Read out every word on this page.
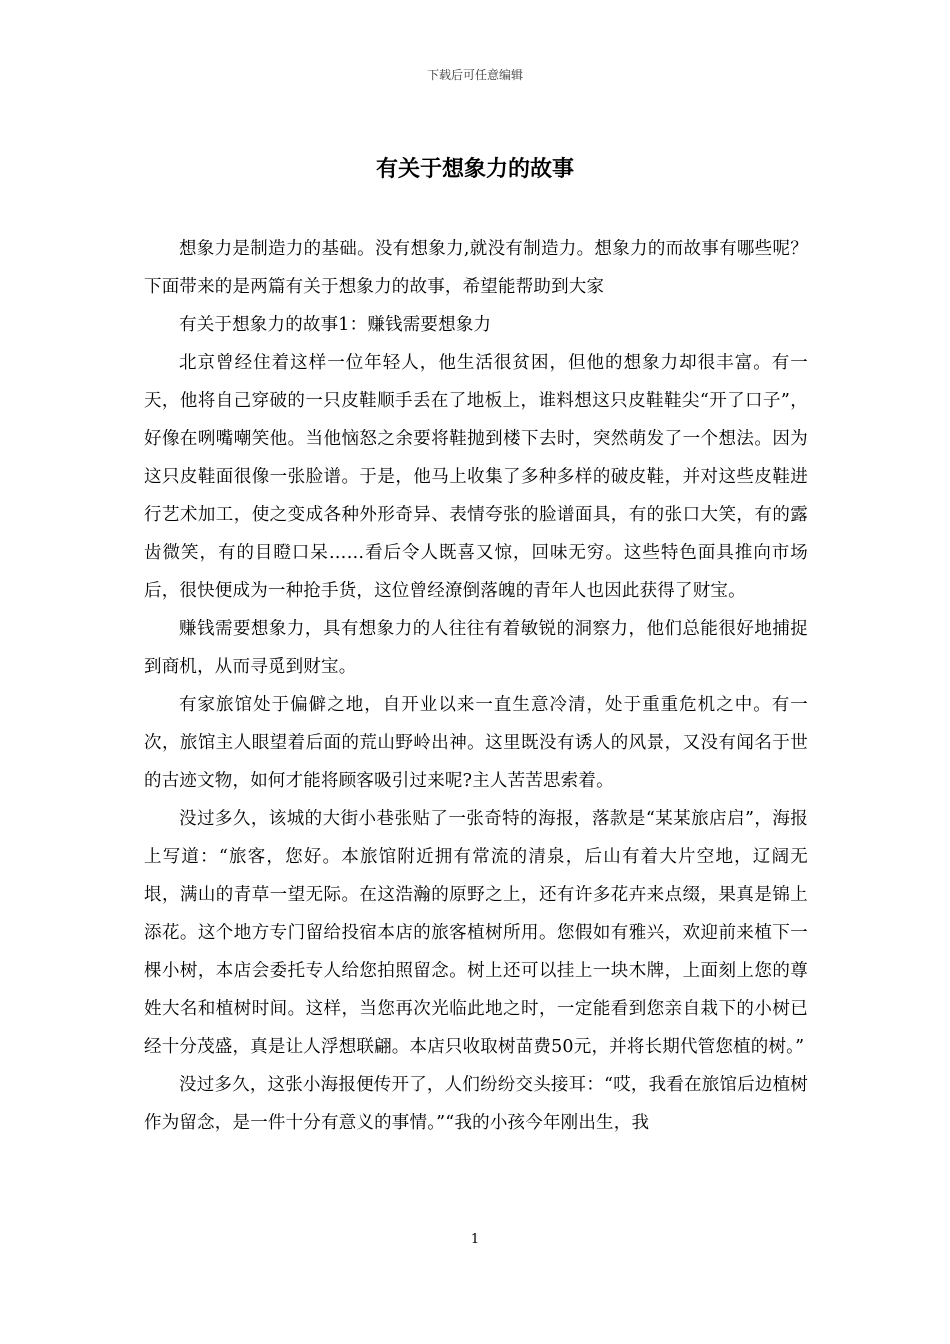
下载后可任意编辑
有关于想象力的故事

想象力是制造力的基础。没有想象力,就没有制造力。想象力的而故事有哪些呢？下面带来的是两篇有关于想象力的故事，希望能帮助到大家

有关于想象力的故事1：赚钱需要想象力

北京曾经住着这样一位年轻人，他生活很贫困，但他的想象力却很丰富。有一天，他将自己穿破的一只皮鞋顺手丢在了地板上，谁料想这只皮鞋鞋尖“开了口子”，好像在咧嘴嘲笑他。当他恼怒之余要将鞋抛到楼下去时，突然萌发了一个想法。因为这只皮鞋面很像一张脸谱。于是，他马上收集了多种多样的破皮鞋，并对这些皮鞋进行艺术加工，使之变成各种外形奇异、表情夸张的脸谱面具，有的张口大笑，有的露齿微笑，有的目瞪口呆……看后令人既喜又惊，回味无穷。这些特色面具推向市场后，很快便成为一种抢手货，这位曾经潦倒落魄的青年人也因此获得了财宝。

赚钱需要想象力，具有想象力的人往往有着敏锐的洞察力，他们总能很好地捕捉到商机，从而寻觅到财宝。

有家旅馆处于偏僻之地，自开业以来一直生意冷清，处于重重危机之中。有一次，旅馆主人眼望着后面的荒山野岭出神。这里既没有诱人的风景，又没有闻名于世的古迹文物，如何才能将顾客吸引过来呢?主人苦苦思索着。

没过多久，该城的大街小巷张贴了一张奇特的海报，落款是“某某旅店启”，海报上写道：“旅客，您好。本旅馆附近拥有常流的清泉，后山有着大片空地，辽阔无垠，满山的青草一望无际。在这浩瀚的原野之上，还有许多花卉来点缀，果真是锦上添花。这个地方专门留给投宿本店的旅客植树所用。您假如有雅兴，欢迎前来植下一棵小树，本店会委托专人给您拍照留念。树上还可以挂上一块木牌，上面刻上您的尊姓大名和植树时间。这样，当您再次光临此地之时，一定能看到您亲自栽下的小树已经十分茂盛，真是让人浮想联翩。本店只收取树苗费50元，并将长期代管您植的树。”

没过多久，这张小海报便传开了，人们纷纷交头接耳：“哎，我看在旅馆后边植树作为留念，是一件十分有意义的事情。”“我的小孩今年刚出生，我

1
